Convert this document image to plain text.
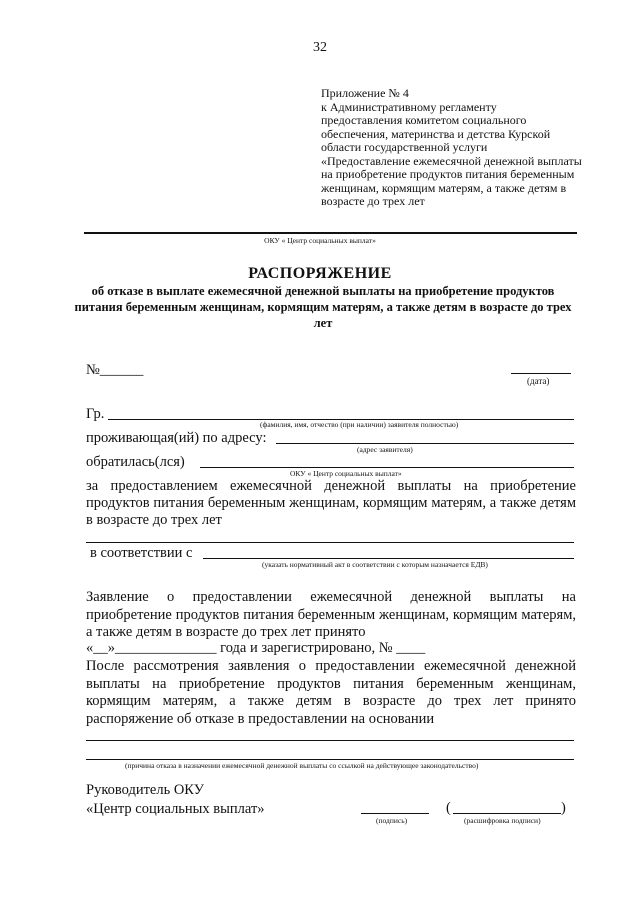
32
Приложение № 4
к Административному регламенту
предоставления комитетом социального
обеспечения, материнства и детства Курской
области государственной услуги
«Предоставление ежемесячной денежной выплаты
на приобретение продуктов питания беременным
женщинам, кормящим матерям, а также детям в
возрасте до трех лет
ОКУ « Центр социальных выплат»
РАСПОРЯЖЕНИЕ
об отказе в выплате ежемесячной денежной выплаты на приобретение продуктов питания беременным женщинам, кормящим матерям, а также детям в возрасте до трех лет
№______
(дата)
Гр.
(фамилия, имя, отчество (при наличии) заявителя полностью)
проживающая(ий) по адресу:
(адрес заявителя)
обратилась(лся)
ОКУ « Центр социальных выплат»
за предоставлением ежемесячной денежной выплаты на приобретение продуктов питания беременным женщинам, кормящим матерям, а также детям в возрасте до трех лет
в соответствии с
(указать нормативный акт в соответствии с которым назначается ЕДВ)
Заявление о предоставлении ежемесячной денежной выплаты на приобретение продуктов питания беременным женщинам, кормящим матерям, а также детям в возрасте до трех лет принято
«__»______________ года и зарегистрировано, № ____
После рассмотрения заявления о предоставлении ежемесячной денежной выплаты на приобретение продуктов питания беременным женщинам, кормящим матерям, а также детям в возрасте до трех лет принято распоряжение об отказе в предоставлении на основании
(причина отказа в назначении ежемесячной денежной выплаты со ссылкой на действующее законодательство)
Руководитель ОКУ
«Центр социальных выплат»
(подпись)
(	)
(расшифровка подписи)
